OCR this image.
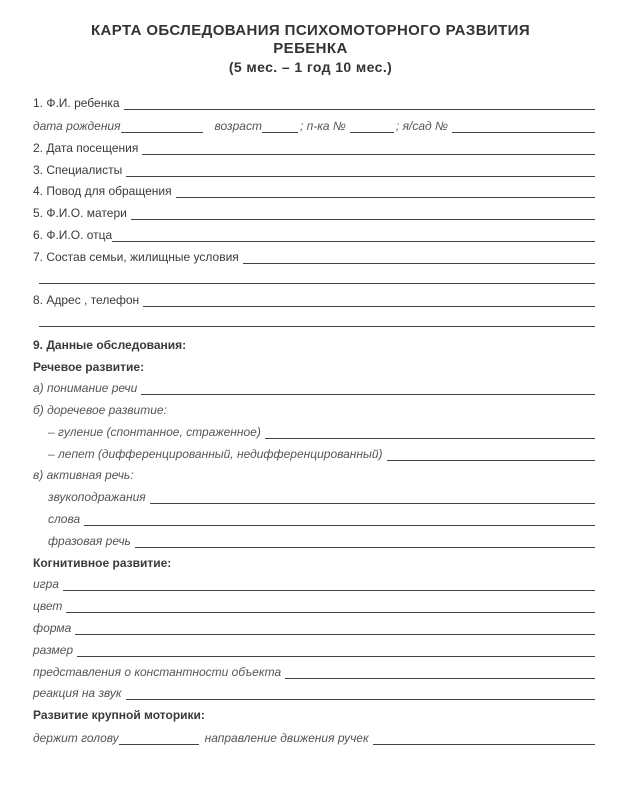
КАРТА ОБСЛЕДОВАНИЯ ПСИХОМОТОРНОГО РАЗВИТИЯ
РЕБЕНКА
(5 мес. – 1 год 10 мес.)
1. Ф.И. ребенка
дата рождения	возраст	; п-ка №	; я/сад №
2. Дата посещения
3. Специалисты
4. Повод для обращения
5. Ф.И.О. матери
6. Ф.И.О. отца
7. Состав семьи, жилищные условия
8. Адрес , телефон
9. Данные обследования:
Речевое развитие:
а) понимание речи
б) доречевое развитие:
– гуление (спонтанное, страженное)
– лепет (дифференцированный, недифференцированный)
в) активная речь:
звукоподражания
слова
фразовая речь
Когнитивное развитие:
игра
цвет
форма
размер
представления о константности объекта
реакция на звук
Развитие крупной моторики:
держит голову	направление движения ручек
